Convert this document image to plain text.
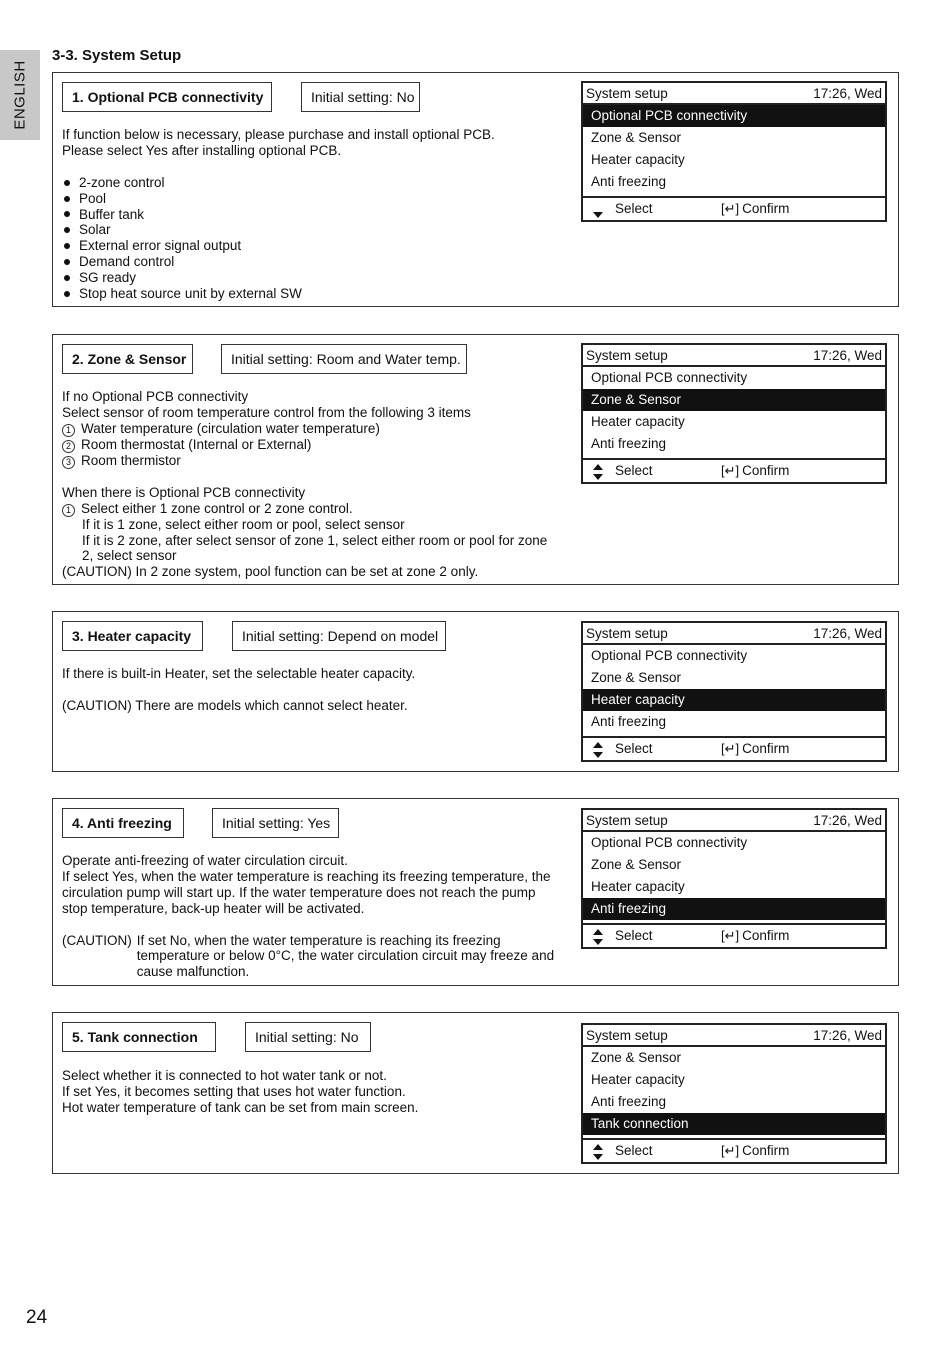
ENGLISH
3-3. System Setup
1. Optional PCB connectivity	Initial setting: No

If function below is necessary, please purchase and install optional PCB.

Please select Yes after installing optional PCB.

2-zone control

Pool

Buffer tank

Solar

External error signal output

Demand control

SG ready

Stop heat source unit by external SW

System setup	17:26, Wed
Optional PCB connectivity
Zone & Sensor
Heater capacity
Anti freezing
Select	[↵] Confirm
2. Zone & Sensor	Initial setting: Room and Water temp.

If no Optional PCB connectivity

Select sensor of room temperature control from the following 3 items

1 Water temperature (circulation water temperature)

2 Room thermostat (Internal or External)

3 Room thermistor

When there is Optional PCB connectivity

1 Select either 1 zone control or 2 zone control.

If it is 1 zone, select either room or pool, select sensor

If it is 2 zone, after select sensor of zone 1, select either room or pool for zone

2, select sensor

(CAUTION) In 2 zone system, pool function can be set at zone 2 only.

System setup	17:26, Wed
Optional PCB connectivity
Zone & Sensor
Heater capacity
Anti freezing
Select	[↵] Confirm
3. Heater capacity	Initial setting: Depend on model

If there is built-in Heater, set the selectable heater capacity.

(CAUTION) There are models which cannot select heater.

System setup	17:26, Wed
Optional PCB connectivity
Zone & Sensor
Heater capacity
Anti freezing
Select	[↵] Confirm
4. Anti freezing	Initial setting: Yes

Operate anti-freezing of water circulation circuit.

If select Yes, when the water temperature is reaching its freezing temperature, the

circulation pump will start up. If the water temperature does not reach the pump

stop temperature, back-up heater will be activated.

(CAUTION) If set No, when the water temperature is reaching its freezing

temperature or below 0°C, the water circulation circuit may freeze and

cause malfunction.

System setup	17:26, Wed
Optional PCB connectivity
Zone & Sensor
Heater capacity
Anti freezing
Select	[↵] Confirm
5. Tank connection	Initial setting: No

Select whether it is connected to hot water tank or not.

If set Yes, it becomes setting that uses hot water function.

Hot water temperature of tank can be set from main screen.

System setup	17:26, Wed
Zone & Sensor
Heater capacity
Anti freezing
Tank connection
Select	[↵] Confirm
24
